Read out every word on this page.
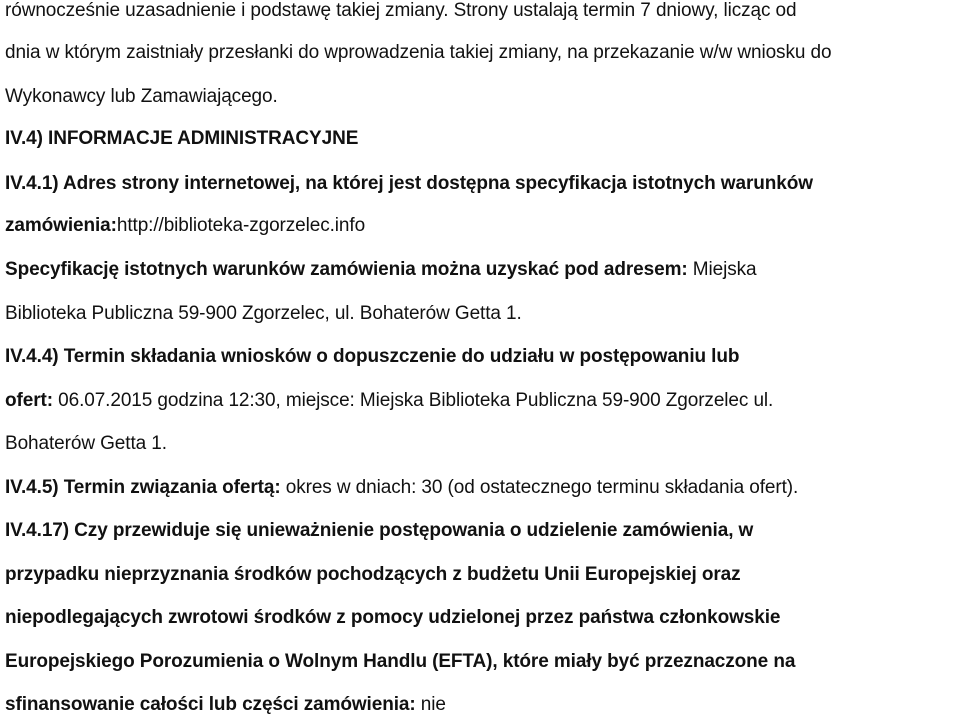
równocześnie uzasadnienie i podstawę takiej zmiany. Strony ustalają termin 7 dniowy, licząc od
dnia w którym zaistniały przesłanki do wprowadzenia takiej zmiany, na przekazanie w/w wniosku do
Wykonawcy lub Zamawiającego.
IV.4) INFORMACJE ADMINISTRACYJNE
IV.4.1) Adres strony internetowej, na której jest dostępna specyfikacja istotnych warunków
zamówienia:http://biblioteka-zgorzelec.info
Specyfikację istotnych warunków zamówienia można uzyskać pod adresem: Miejska
Biblioteka Publiczna 59-900 Zgorzelec, ul. Bohaterów Getta 1.
IV.4.4) Termin składania wniosków o dopuszczenie do udziału w postępowaniu lub
ofert: 06.07.2015 godzina 12:30, miejsce: Miejska Biblioteka Publiczna 59-900 Zgorzelec ul.
Bohaterów Getta 1.
IV.4.5) Termin związania ofertą: okres w dniach: 30 (od ostatecznego terminu składania ofert).
IV.4.17) Czy przewiduje się unieważnienie postępowania o udzielenie zamówienia, w
przypadku nieprzyznania środków pochodzących z budżetu Unii Europejskiej oraz
niepodlegających zwrotowi środków z pomocy udzielonej przez państwa członkowskie
Europejskiego Porozumienia o Wolnym Handlu (EFTA), które miały być przeznaczone na
sfinansowanie całości lub części zamówienia: nie
